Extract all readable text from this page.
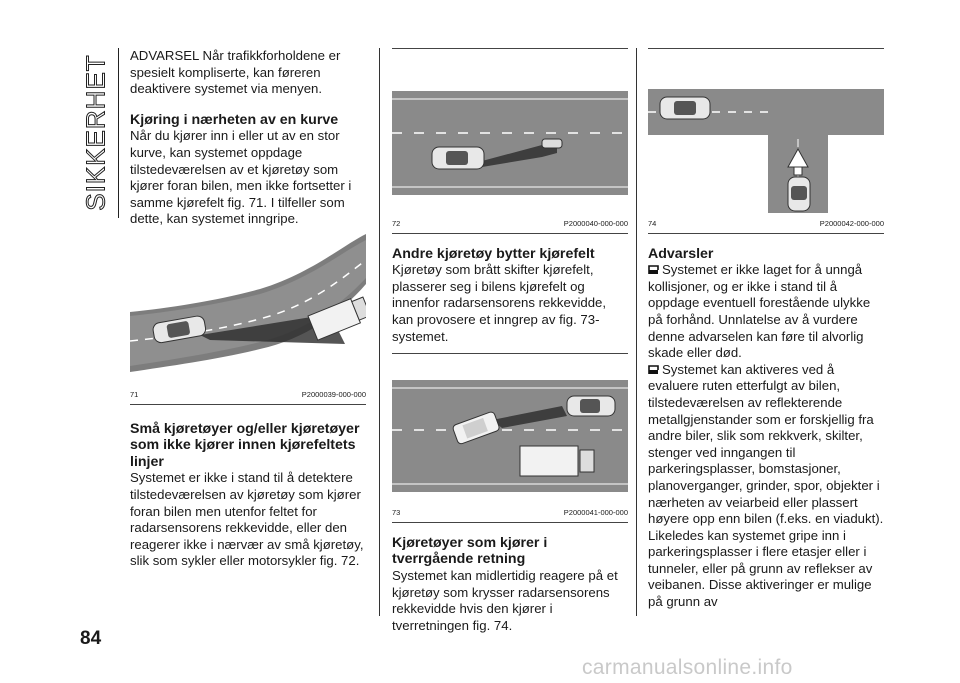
SIKKERHET ADVARSEL Når trafikkforholdene er spesielt kompliserte, kan føreren deaktivere systemet via menyen.

Kjøring i nærheten av en kurve

Når du kjører inn i eller ut av en stor kurve, kan systemet oppdage tilstedeværelsen av et kjøretøy som kjører foran bilen, men ikke fortsetter i samme kjørefelt fig. 71. I tilfeller som dette, kan systemet inngripe.

71	P2000039-000-000
Små kjøretøyer og/eller kjøretøyer som ikke kjører innen kjørefeltets linjer

Systemet er ikke i stand til å detektere tilstedeværelsen av kjøretøy som kjører foran bilen men utenfor feltet for radarsensorens rekkevidde, eller den reagerer ikke i nærvær av små kjøretøy, slik som sykler eller motorsykler fig. 72.

72	P2000040-000-000
Andre kjøretøy bytter kjørefelt

Kjøretøy som brått skifter kjørefelt, plasserer seg i bilens kjørefelt og innenfor radarsensorens rekkevidde, kan provosere et inngrep av fig. 73-systemet.

73	P2000041-000-000
Kjøretøyer som kjører i tverrgående retning

Systemet kan midlertidig reagere på et kjøretøy som krysser radarsensorens rekkevidde hvis den kjører i tverretningen fig. 74.

74	P2000042-000-000
Advarsler

Systemet er ikke laget for å unngå kollisjoner, og er ikke i stand til å oppdage eventuell forestående ulykke på forhånd. Unnlatelse av å vurdere denne advarselen kan føre til alvorlig skade eller død.

Systemet kan aktiveres ved å evaluere ruten etterfulgt av bilen, tilstedeværelsen av reflekterende metallgjenstander som er forskjellig fra andre biler, slik som rekkverk, skilter, stenger ved inngangen til parkeringsplasser, bomstasjoner, planoverganger, grinder, spor, objekter i nærheten av veiarbeid eller plassert høyere opp enn bilen (f.eks. en viadukt). Likeledes kan systemet gripe inn i parkeringsplasser i flere etasjer eller i tunneler, eller på grunn av reflekser av veibanen. Disse aktiveringer er mulige på grunn av

84
carmanualsonline.info
